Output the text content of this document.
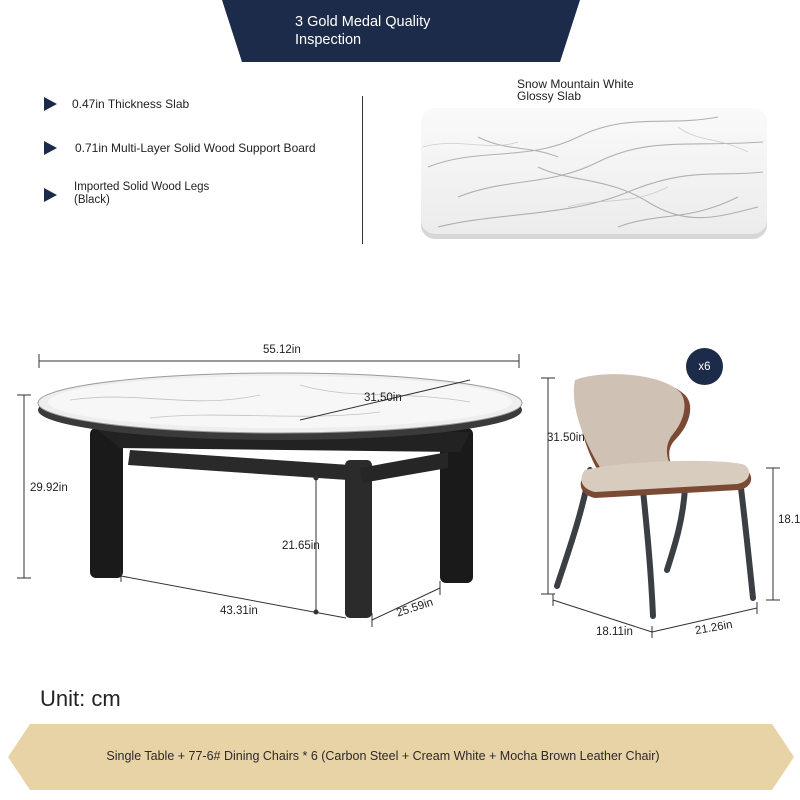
3 Gold Medal Quality
Inspection
0.47in Thickness Slab
0.71in Multi-Layer Solid Wood Support Board
Imported Solid Wood Legs
(Black)
Snow Mountain White
Glossy Slab
55.12in
31.50in
29.92in
21.65in
43.31in	25.59in
x6
31.50in
18.1
18.11in	21.26in
Unit: cm
Single Table + 77-6# Dining Chairs * 6 (Carbon Steel + Cream White + Mocha Brown Leather Chair)
